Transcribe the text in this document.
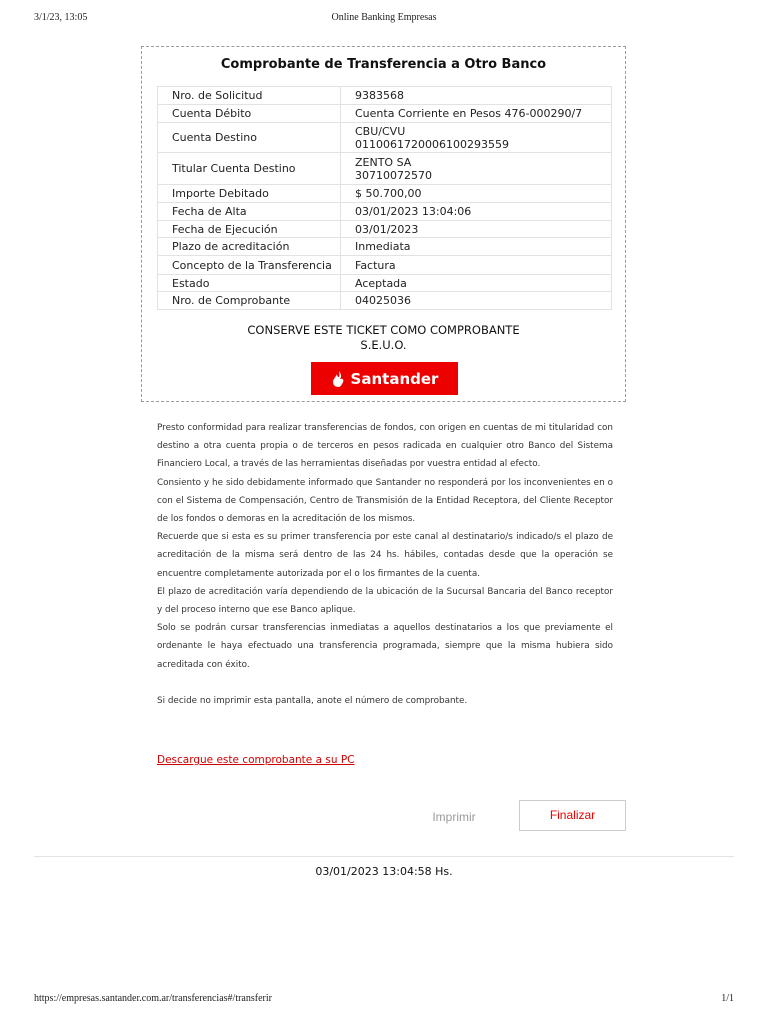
3/1/23, 13:05	Online Banking Empresas
Comprobante de Transferencia a Otro Banco
Nro. de Solicitud	9383568
Cuenta Débito	Cuenta Corriente en Pesos 476-000290/7
Cuenta Destino	CBU/CVU
0110061720006100293559

Titular Cuenta Destino	ZENTO SA
30710072570

Importe Debitado	$ 50.700,00
Fecha de Alta	03/01/2023 13:04:06
Fecha de Ejecución	03/01/2023
Plazo de acreditación	Inmediata
Concepto de la Transferencia	Factura
Estado	Aceptada
Nro. de Comprobante	04025036
CONSERVE ESTE TICKET COMO COMPROBANTE
S.E.U.O.
Santander

Presto conformidad para realizar transferencias de fondos, con origen en cuentas de mi titularidad con destino a otra cuenta propia o de terceros en pesos radicada en cualquier otro Banco del Sistema Financiero Local, a través de las herramientas diseñadas por vuestra entidad al efecto.

Consiento y he sido debidamente informado que Santander no responderá por los inconvenientes en o con el Sistema de Compensación, Centro de Transmisión de la Entidad Receptora, del Cliente Receptor de los fondos o demoras en la acreditación de los mismos.

Recuerde que si esta es su primer transferencia por este canal al destinatario/s indicado/s el plazo de acreditación de la misma será dentro de las 24 hs. hábiles, contadas desde que la operación se encuentre completamente autorizada por el o los firmantes de la cuenta.

El plazo de acreditación varía dependiendo de la ubicación de la Sucursal Bancaria del Banco receptor y del proceso interno que ese Banco aplique.

Solo se podrán cursar transferencias inmediatas a aquellos destinatarios a los que previamente el ordenante le haya efectuado una transferencia programada, siempre que la misma hubiera sido acreditada con éxito.

Si decide no imprimir esta pantalla, anote el número de comprobante.

Descargue este comprobante a su PC
Imprimir	Finalizar
03/01/2023 13:04:58 Hs.
https://empresas.santander.com.ar/transferencias#/transferir	1/1
